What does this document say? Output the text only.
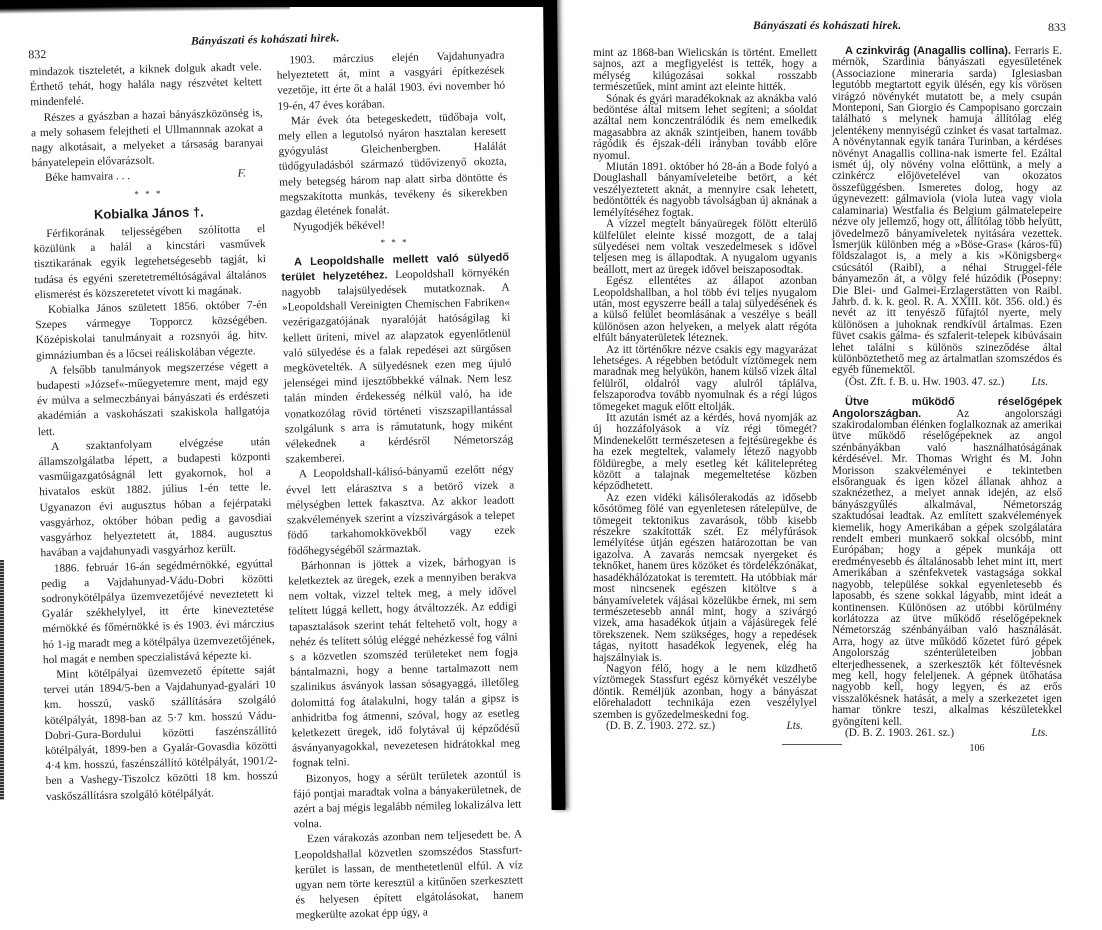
832
Bányászati és kohászati hirek.

mindazok tiszteletét, a kiknek dolguk akadt vele. Érthető tehát, hogy halála nagy részvétet keltett mindenfelé.

Részes a gyászban a hazai bányászközönség is, a mely sohasem felejtheti el Ullmannnak azokat a nagy alkotásait, a melyeket a társaság baranyai bányatelepein elővarázsolt.

Béke hamvaira . . .	F.

* * *

Kobialka János †.

Férfikorának teljességében szólította el közülünk a halál a kincstári vasművek tisztikarának egyik legtehetségesebb tagját, ki tudása és egyéni szeretetreméltóságával általános elismerést és közszeretetet vívott ki magának.

Kobialka János született 1856. október 7-én Szepes vármegye Topporcz községében. Középiskolai tanulmányait a rozsnyói ág. hitv. gimnáziumban és a lőcsei reáliskolában végezte.

A felsőbb tanulmányok megszerzése végett a budapesti »József«-műegyetemre ment, majd egy év múlva a selmeczbányai bányászati és erdészeti akadémián a vaskohászati szakiskola hallgatója lett.

A szaktanfolyam elvégzése után államszolgálatba lépett, a budapesti központi vasműigazgatóságnál lett gyakornok, hol a hivatalos esküt 1882. július 1-én tette le. Ugyanazon évi augusztus hóban a fejérpataki vasgyárhoz, október hóban pedig a gavosdiai vasgyárhoz helyeztetett át, 1884. augusztus havában a vajdahunyadi vasgyárhoz került.

1886. február 16-án segédmérnökké, egyúttal pedig a Vajdahunyad-Vádu-Dobri közötti sodronykötélpálya üzemvezetőjévé neveztetett ki Gyalár székhelylyel, itt érte kineveztetése mérnökké és főmérnökké is és 1903. évi márczius hó 1-ig maradt meg a kötélpálya üzemvezetőjének, hol magát e nemben speczialistává képezte ki.

Mint kötélpályai üzemvezető építette saját tervei után 1894/5-ben a Vajdahunyad-gyalári 10 km. hosszú, vaskő szállítására szolgáló kötélpályát, 1898-ban az 5·7 km. hosszú Vádu-Dobri-Gura-Bordului közötti faszénszállító kötélpályát, 1899-ben a Gyalár-Govasdia közötti 4·4 km. hosszú, faszénszállító kötélpályát, 1901/2-ben a Vashegy-Tiszolcz közötti 18 km. hosszú vaskőszállításra szolgáló kötélpályát.

1903. márczius elején Vajdahunyadra helyeztetett át, mint a vasgyári építkezések vezetője, itt érte őt a halál 1903. évi november hó 19-én, 47 éves korában.

Már évek óta betegeskedett, tüdőbaja volt, mely ellen a legutolsó nyáron hasztalan keresett gyógyulást Gleichenbergben. Halálát tüdőgyuladásból származó tüdővizenyő okozta, mely betegség három nap alatt sirba döntötte és megszakította munkás, tevékeny és sikerekben gazdag életének fonalát.

Nyugodjék békével!

* * *

A Leopoldshalle mellett való sülyedő terület helyzetéhez. Leopoldshall környékén nagyobb talajsülyedések mutatkoznak. A »Leopoldshall Vereinigten Chemischen Fabriken« vezérigazgatójának nyaralóját hatóságilag ki kellett üríteni, mivel az alapzatok egyenlőtlenül való sülyedése és a falak repedései azt sürgősen megkövetelték. A sülyedésnek ezen meg újuló jelenségei mind ijesztőbbekké válnak. Nem lesz talán minden érdekesség nélkül való, ha ide vonatkozólag rövid történeti viszszapillantással szolgálunk s arra is rámutatunk, hogy miként vélekednek a kérdésről Németország szakemberei.

A Leopoldshall-kálisó-bányamű ezelőtt négy évvel lett elárasztva s a betörő vizek a mélységben lettek fakasztva. Az akkor leadott szakvélemények szerint a vízszivárgások a telepet födő tarkahomokkövekből vagy ezek födőhegységéből származtak.

Bárhonnan is jöttek a vizek, bárhogyan is keletkeztek az üregek, ezek a mennyiben berakva nem voltak, vizzel teltek meg, a mely idővel telített lúggá kellett, hogy átváltozzék. Az eddigi tapasztalások szerint tehát feltehető volt, hogy a nehéz és telített sólúg eléggé nehézkessé fog válni s a közvetlen szomszéd területeket nem fogja bántalmazni, hogy a benne tartalmazott nem szalinikus ásványok lassan sósagyaggá, illetőleg dolomittá fog átalakulni, hogy talán a gipsz is anhidritba fog átmenni, szóval, hogy az esetleg keletkezett üregek, idő folytával új képződésű ásványanyagokkal, nevezetesen hidrátokkal meg fognak telni.

Bizonyos, hogy a sérült területek azontúl is fájó pontjai maradtak volna a bányakerületnek, de azért a baj mégis legalább némileg lokalizálva lett volna.

Ezen várakozás azonban nem teljesedett be. A Leopoldshallal közvetlen szomszédos Stassfurt-kerület is lassan, de menthetetlenül elfúl. A víz ugyan nem törte keresztül a kitűnően szerkesztett és helyesen épített elgátolásokat, hanem megkerülte azokat épp úgy, a

Bányászati és kohászati hirek.	833

mint az 1868-ban Wielicskán is történt. Emellett sajnos, azt a megfigyelést is tették, hogy a mélység kilúgozásai sokkal rosszabb természetűek, mint amint azt eleinte hitték.

Sónak és gyári maradékoknak az aknákba való bedöntése által mitsem lehet segíteni; a sóoldat azáltal nem konczentrálódik és nem emelkedik magasabbra az aknák szintjeiben, hanem tovább rágódik és éjszak-déli irányban tovább előre nyomul.

Miután 1891. október hó 28-án a Bode folyó a Douglashall bányamíveleteibe betört, a két veszélyeztetett aknát, a mennyire csak lehetett, bedöntötték és nagyobb távolságban új aknának a lemélyítéséhez fogtak.

A vízzel megtelt bányaüregek fölött elterülő külfelület eleinte kissé mozgott, de a talaj sülyedései nem voltak veszedelmesek s idővel teljesen meg is állapodtak. A nyugalom ugyanis beállott, mert az üregek idővel beiszaposodtak.

Egész ellentétes az állapot azonban Leopoldshallban, a hol több évi teljes nyugalom után, most egyszerre beáll a talaj sülyedésének és a külső felület beomlásának a veszélye s beáll különösen azon helyeken, a melyek alatt régóta elfúlt bányaterületek léteznek.

Az itt történőkre nézve csakis egy magyarázat lehetséges. A régebben betódult víztömegek nem maradnak meg helyükön, hanem külső vizek által felülről, oldalról vagy alulról táplálva, felszaporodva tovább nyomulnak és a régi lúgos tömegeket maguk előtt eltolják.

Itt azután ismét az a kérdés, hová nyomják az új hozzáfolyások a víz régi tömegét? Mindenekelőtt természetesen a fejtésüregekbe és ha ezek megteltek, valamely létező nagyobb földüregbe, a mely esetleg két kálitelepréteg között a talajnak megemeltetése közben képződhetett.

Az ezen vidéki kálisólerakodás az idősebb kősótömeg fölé van egyenletesen rátelepülve, de tömegeit tektonikus zavarások, több kisebb részekre szakították szét. Ez mélyfúrások lemélyítése útján egészen határozottan be van igazolva. A zavarás nemcsak nyergeket és teknőket, hanem üres közöket és tördelékzónákat, hasadékhálózatokat is teremtett. Ha utóbbiak már most nincsenek egészen kitöltve s a bányamíveletek vájásai közelükbe érnek, mi sem természetesebb annál mint, hogy a szivárgó vizek, ama hasadékok útjain a vájásüregek felé törekszenek. Nem szükséges, hogy a repedések tágas, nyitott hasadékok legyenek, elég ha hajszálnyiak is.

Nagyon félő, hogy a le nem küzdhető víztömegek Stassfurt egész környékét veszélybe döntik. Reméljük azonban, hogy a bányászat előrehaladott technikája ezen veszélylyel szemben is győzedelmeskedni fog.

(D. B. Z. 1903. 272. sz.)	Lts.

A czinkvirág (Anagallis collina). Ferraris E. mérnök, Szardinia bányászati egyesületének (Associazione mineraria sarda) Iglesiasban legutóbb megtartott egyik ülésén, egy kis vörösen virágzó növénykét mutatott be, a mely csupán Monteponi, San Giorgio és Campopisano gorczain található s melynek hamuja állítólag elég jelentékeny mennyiségű czinket és vasat tartalmaz. A növénytannak egyik tanára Turinban, a kérdéses növényt Anagallis collina-nak ismerte fel. Ezáltal ismét új, oly növény volna előttünk, a mely a czinkércz előjövetelével van okozatos összefüggésben. Ismeretes dolog, hogy az úgynevezett: gálmaviola (viola lutea vagy viola calaminaria) Westfalia és Belgium gálmatelepeire nézve oly jellemző, hogy ott, állítólag több helyütt, jövedelmező bányamíveletek nyitására vezettek. Ismerjük különben még a »Böse-Gras« (káros-fű) földszalagot is, a mely a kis »Königsberg« csúcsától (Raibl), a néhai Struggel-féle bányamezőn át, a völgy felé húzódik (Posepny: Die Blei- und Galmei-Erzlagerstätten von Raibl. Jahrb. d. k. k. geol. R. A. XXIII. köt. 356. old.) és nevét az itt tenyésző fűfajtól nyerte, mely különösen a juhoknak rendkívül ártalmas. Ezen füvet csakis gálma- és szfalerit-telepek kibúvásain lehet találni s különös szineződése által különböztethető meg az ártalmatlan szomszédos és egyéb fűnemektől.

(Öst. Zft. f. B. u. Hw. 1903. 47. sz.) Lts.

Ütve működő réselőgépek Angolországban.	Az angolországi szakirodalomban élénken foglalkoznak az amerikai ütve működő réselőgépeknek az angol szénbányákban való használhatóságának kérdésével. Mr. Thomas Wright és M. John Morisson szakvéleményei e tekintetben elsőranguak és igen közel állanak ahhoz a szaknézethez, a melyet annak idején, az első bányászgyűlés alkalmával, Németország szaktudósai leadtak. Az említett szakvélemények kiemelik, hogy Amerikában a gépek szolgálatára rendelt emberi munkaerő sokkal olcsóbb, mint Európában; hogy a gépek munkája ott eredményesebb és általánosabb lehet mint itt, mert Amerikában a szénfekvetek vastagsága sokkal nagyobb, települése sokkal egyenletesebb és laposabb, és szene sokkal lágyabb, mint ideát a kontinensen. Különösen az utóbbi körülmény korlátozza az ütve működő réselőgépeknek Németország szénbányáiban való használását. Arra, hogy az ütve működő kőzetet fúró gépek Angolország szénterületeiben jobban elterjedhessenek, a szerkesztők két föltevésnek meg kell, hogy feleljenek. A gépnek ütőhatása nagyobb kell, hogy legyen, és az erős visszalökésnek hatását, a mely a szerkezetet igen hamar tönkre teszi, alkalmas készületekkel gyöngíteni kell.

(D. B. Z. 1903. 261. sz.)	Lts.
106
